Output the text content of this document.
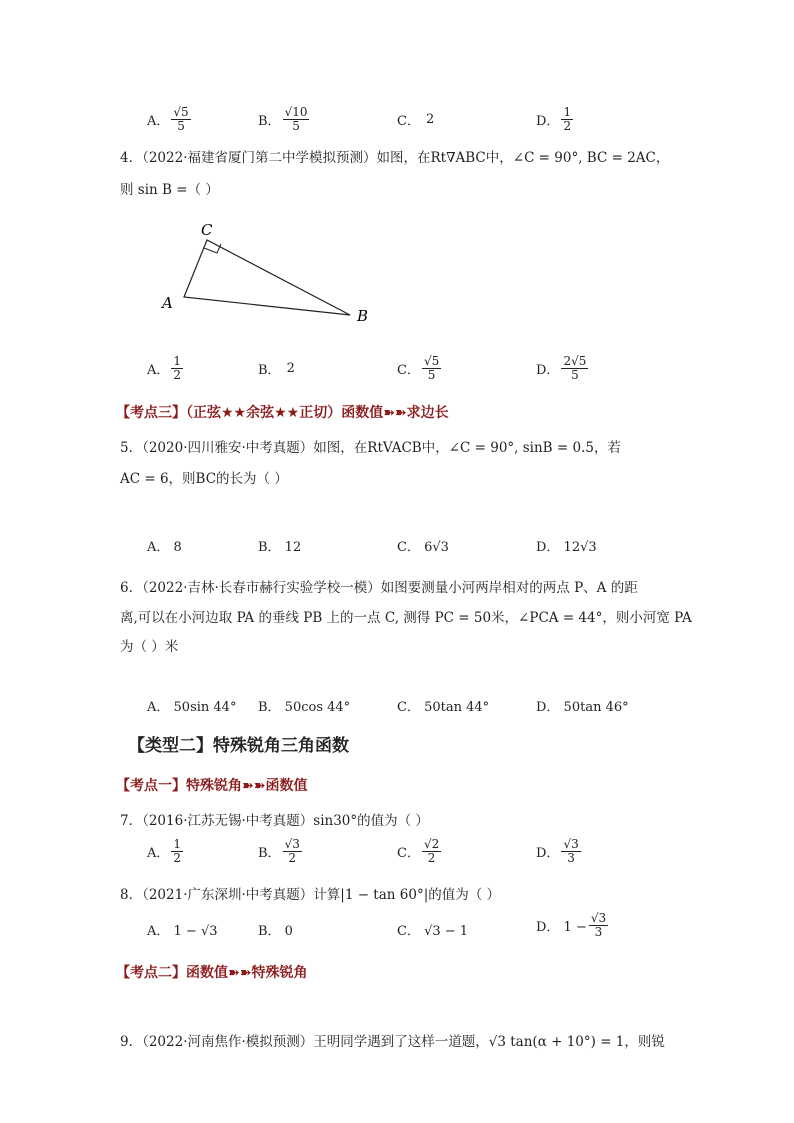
A． $\frac{√5}{5}$	B． $\frac{√10}{5}$	C． 2	D． $\frac{1}{2}$
4．（2022·福建省厦门第二中学模拟预测）如图，在Rt∇ABC中，∠C = 90°, BC = 2AC，
则 sin B =（ ）
C
A
B
A． $\frac{1}{2}$	B． 2	C． $\frac{√5}{5}$	D． $\frac{2√5}{5}$
【考点三】（正弦★★余弦★★正切）函数值➽➽求边长
5．（2020·四川雅安·中考真题）如图，在RtVACB中，∠C = 90°, sinB = 0.5，若
AC = 6，则BC的长为（ ）
A． 8	B． 12	C． 6√3	D． 12√3
6．（2022·吉林·长春市赫行实验学校一模）如图要测量小河两岸相对的两点 P、A 的距
离,可以在小河边取 PA 的垂线 PB 上的一点 C, 测得 PC = 50米，∠PCA = 44°，则小河宽 PA
为（ ）米
A． 50sin 44° B． 50cos 44°	C． 50tan 44°	D． 50tan 46°
【类型二】特殊锐角三角函数
【考点一】特殊锐角➽➽函数值
7．（2016·江苏无锡·中考真题）sin30°的值为（ ）
A． $\frac{1}{2}$	B． $\frac{√3}{2}$	C． $\frac{√2}{2}$	D． $\frac{√3}{3}$
8．（2021·广东深圳·中考真题）计算|1 − tan 60°|的值为（ ）
A． 1 − √3	B． 0	C． √3 − 1	D． $1 - \frac{√3}{3}$
【考点二】函数值➽➽特殊锐角
9．（2022·河南焦作·模拟预测）王明同学遇到了这样一道题，√3 tan(α + 10°) = 1，则锐
